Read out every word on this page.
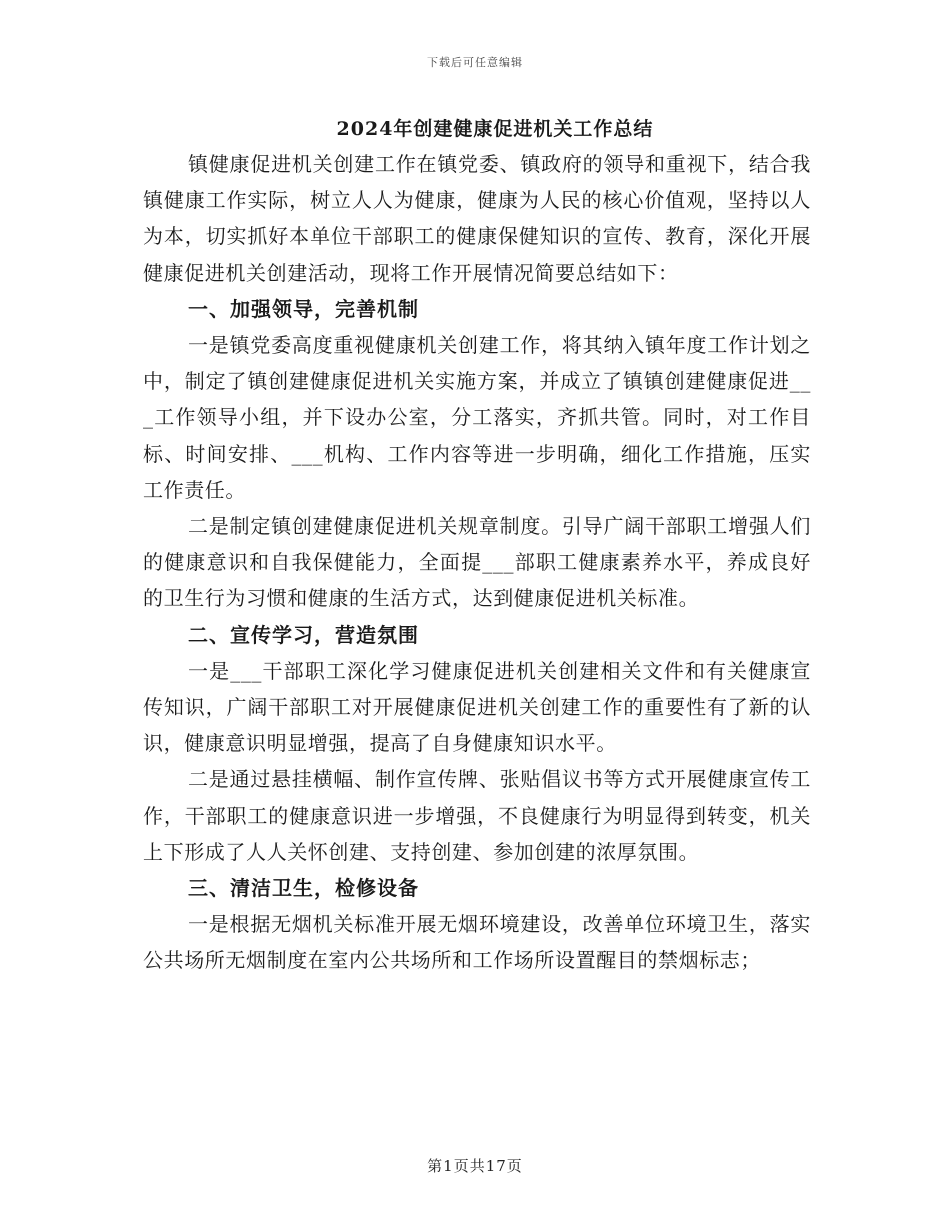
下载后可任意编辑
2024年创建健康促进机关工作总结

镇健康促进机关创建工作在镇党委、镇政府的领导和重视下，结合我镇健康工作实际，树立人人为健康，健康为人民的核心价值观，坚持以人为本，切实抓好本单位干部职工的健康保健知识的宣传、教育，深化开展健康促进机关创建活动，现将工作开展情况简要总结如下：

一、加强领导，完善机制

一是镇党委高度重视健康机关创建工作，将其纳入镇年度工作计划之中，制定了镇创建健康促进机关实施方案，并成立了镇镇创建健康促进___工作领导小组，并下设办公室，分工落实，齐抓共管。同时，对工作目标、时间安排、___机构、工作内容等进一步明确，细化工作措施，压实工作责任。

二是制定镇创建健康促进机关规章制度。引导广阔干部职工增强人们的健康意识和自我保健能力，全面提___部职工健康素养水平，养成良好的卫生行为习惯和健康的生活方式，达到健康促进机关标准。

二、宣传学习，营造氛围

一是___干部职工深化学习健康促进机关创建相关文件和有关健康宣传知识，广阔干部职工对开展健康促进机关创建工作的重要性有了新的认识，健康意识明显增强，提高了自身健康知识水平。

二是通过悬挂横幅、制作宣传牌、张贴倡议书等方式开展健康宣传工作，干部职工的健康意识进一步增强，不良健康行为明显得到转变，机关上下形成了人人关怀创建、支持创建、参加创建的浓厚氛围。

三、清洁卫生，检修设备

一是根据无烟机关标准开展无烟环境建设，改善单位环境卫生，落实公共场所无烟制度在室内公共场所和工作场所设置醒目的禁烟标志；

第1页共17页
